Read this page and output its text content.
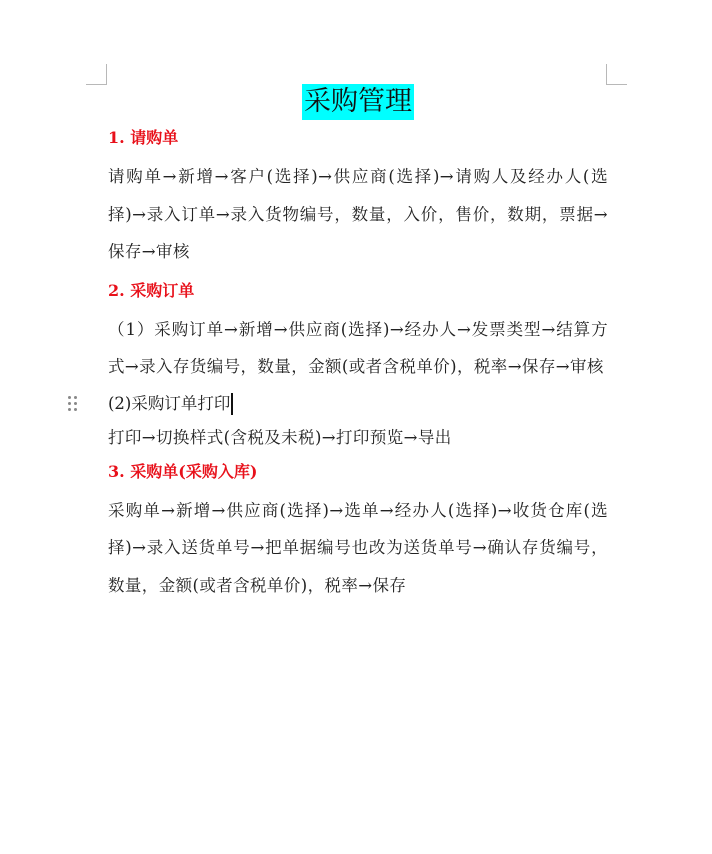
采购管理
1. 请购单

请购单→新增→客户(选择)→供应商(选择)→请购人及经办人(选择)→录入订单→录入货物编号，数量，入价，售价，数期，票据→保存→审核

2. 采购订单

（1）采购订单→新增→供应商(选择)→经办人→发票类型→结算方式→录入存货编号，数量，金额(或者含税单价)，税率→保存→审核

(2)采购订单打印

打印→切换样式(含税及未税)→打印预览→导出

3. 采购单(采购入库)

采购单→新增→供应商(选择)→选单→经办人(选择)→收货仓库(选择)→录入送货单号→把单据编号也改为送货单号→确认存货编号，数量，金额(或者含税单价)，税率→保存
